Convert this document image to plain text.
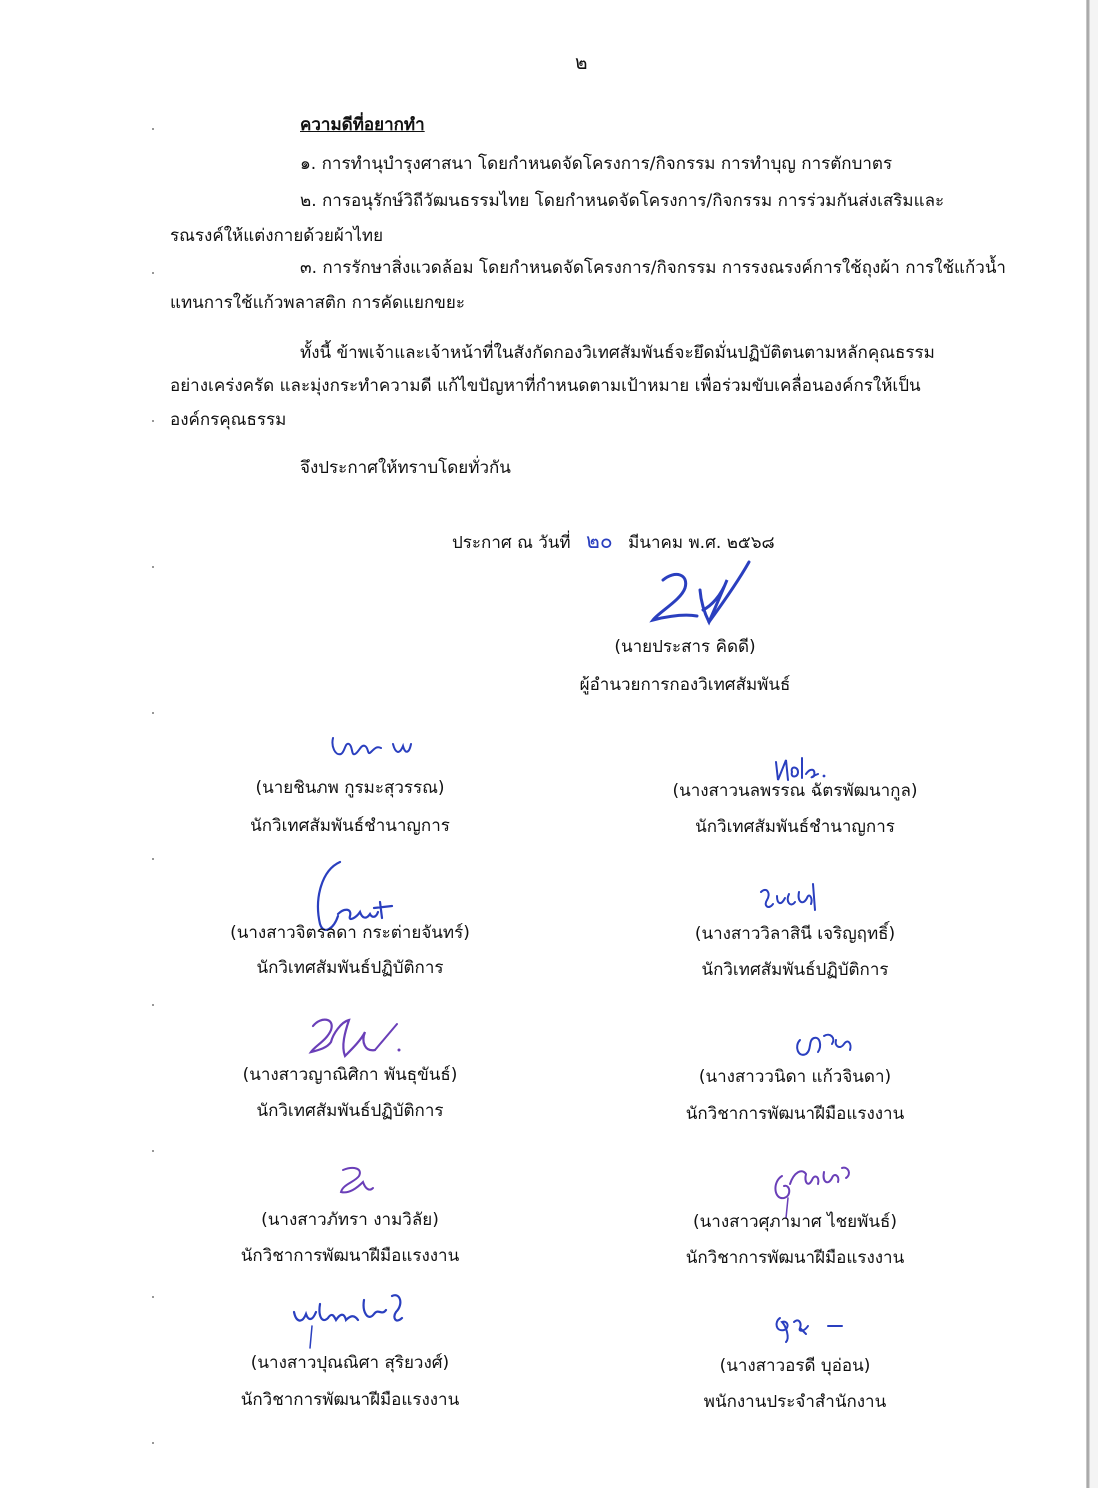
๒
ความดีที่อยากทำ
๑. การทำนุบำรุงศาสนา โดยกำหนดจัดโครงการ/กิจกรรม การทำบุญ การตักบาตร
๒. การอนุรักษ์วิถีวัฒนธรรมไทย โดยกำหนดจัดโครงการ/กิจกรรม การร่วมกันส่งเสริมและ
รณรงค์ให้แต่งกายด้วยผ้าไทย
๓. การรักษาสิ่งแวดล้อม โดยกำหนดจัดโครงการ/กิจกรรม การรงณรงค์การใช้ถุงผ้า การใช้แก้วน้ำ
แทนการใช้แก้วพลาสติก การคัดแยกขยะ
ทั้งนี้ ข้าพเจ้าและเจ้าหน้าที่ในสังกัดกองวิเทศสัมพันธ์จะยึดมั่นปฏิบัติตนตามหลักคุณธรรม
อย่างเคร่งครัด และมุ่งกระทำความดี แก้ไขปัญหาที่กำหนดตามเป้าหมาย เพื่อร่วมขับเคลื่อนองค์กรให้เป็น
องค์กรคุณธรรม
จึงประกาศให้ทราบโดยทั่วกัน
ประกาศ ณ วันที่ ๒๐ มีนาคม พ.ศ. ๒๕๖๘
(นายประสาร คิดดี)
ผู้อำนวยการกองวิเทศสัมพันธ์
(นายชินภพ กูรมะสุวรรณ)
นักวิเทศสัมพันธ์ชำนาญการ
(นางสาวจิตรลดา กระต่ายจันทร์)
นักวิเทศสัมพันธ์ปฏิบัติการ
(นางสาวญาณิศิกา พันธุขันธ์)
นักวิเทศสัมพันธ์ปฏิบัติการ
(นางสาวภัทรา งามวิลัย)
นักวิชาการพัฒนาฝีมือแรงงาน
(นางสาวปุณณิศา สุริยวงศ์)
นักวิชาการพัฒนาฝีมือแรงงาน
(นางสาวนลพรรณ ฉัตรพัฒนากูล)
นักวิเทศสัมพันธ์ชำนาญการ
(นางสาววิลาสินี เจริญฤทธิ์)
นักวิเทศสัมพันธ์ปฏิบัติการ
(นางสาววนิดา แก้วจินดา)
นักวิชาการพัฒนาฝีมือแรงงาน
(นางสาวศุภามาศ ไชยพันธ์)
นักวิชาการพัฒนาฝีมือแรงงาน
(นางสาวอรดี บุอ่อน)
พนักงานประจำสำนักงาน
